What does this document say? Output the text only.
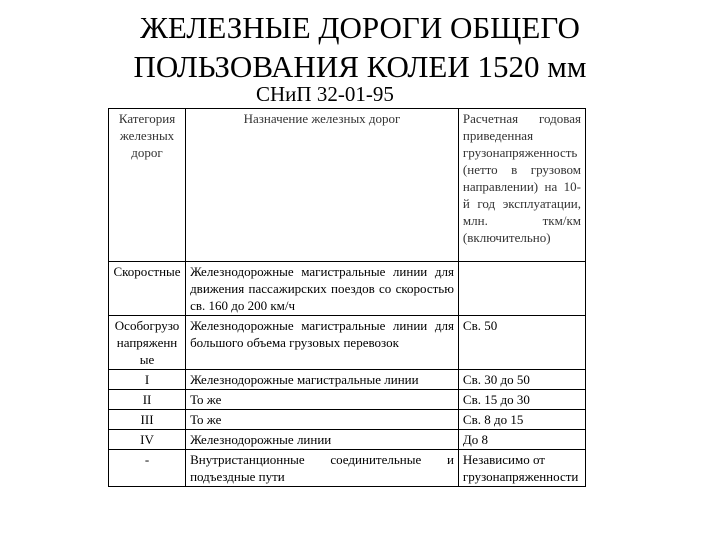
ЖЕЛЕЗНЫЕ ДОРОГИ ОБЩЕГО
ПОЛЬЗОВАНИЯ КОЛЕИ 1520 мм
СНиП 32-01-95
Категория железных дорог	Назначение железных дорог	Расчетная годовая приведенная грузонапряженность (нетто в грузовом направлении) на 10-й год эксплуатации, млн. ткм/км (включительно)
Скоростные	Железнодорожные магистральные линии для движения пассажирских поездов со скоростью св. 160 до 200 км/ч	
Особогрузонапряженные	Железнодорожные магистральные линии для большого объема грузовых перевозок	Св. 50
I	Железнодорожные магистральные линии	Св. 30 до 50
II	То же	Св. 15 до 30
III	То же	Св. 8 до 15
IV	Железнодорожные линии	До 8
-	Внутристанционные соединительные и подъездные пути	Независимо от грузонапряженности
